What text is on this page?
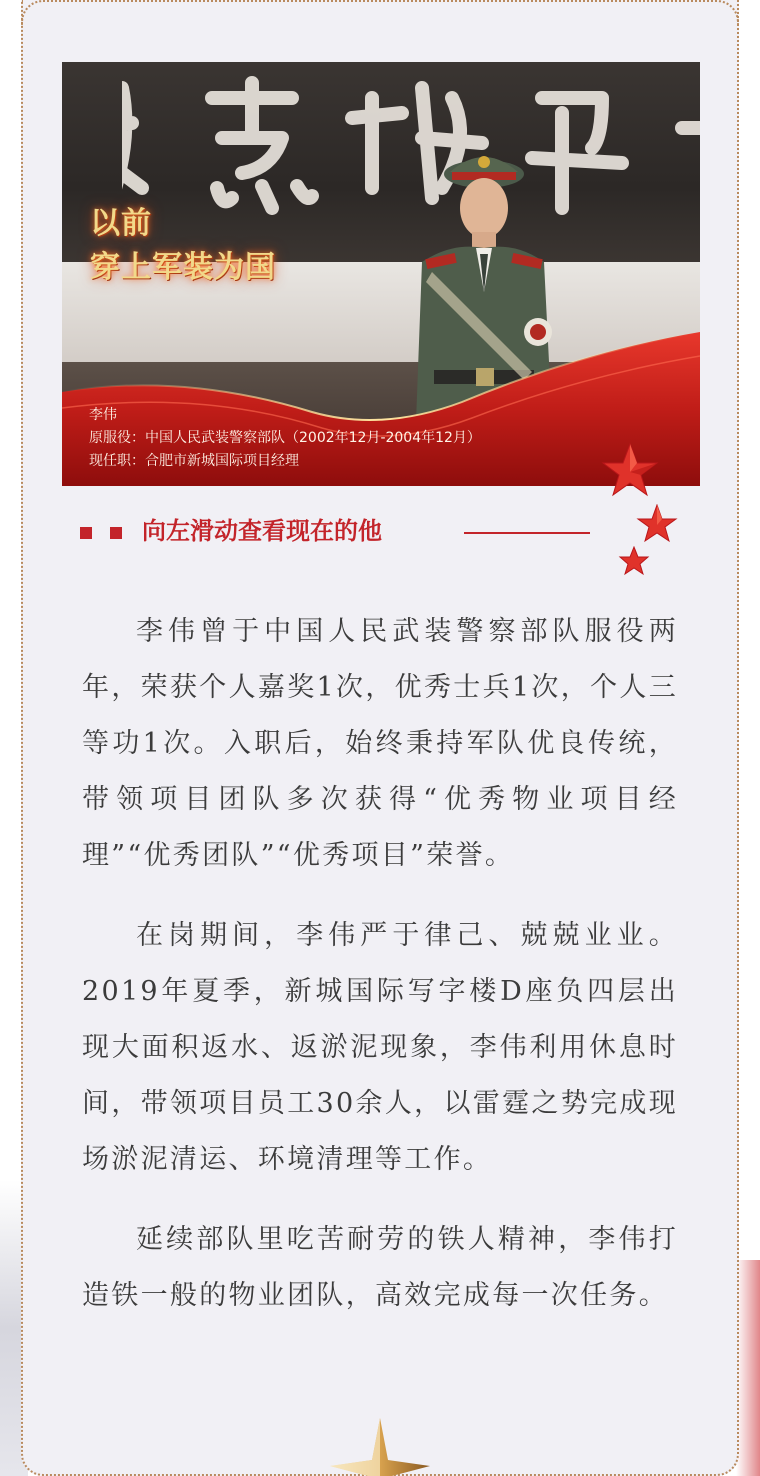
以前
穿上军装为国
李伟
原服役：中国人民武装警察部队（2002年12月-2004年12月）
现任职：合肥市新城国际项目经理
向左滑动查看现在的他

李伟曾于中国人民武装警察部队服役两年，荣获个人嘉奖1次，优秀士兵1次，个人三等功1次。入职后，始终秉持军队优良传统，带领项目团队多次获得“优秀物业项目经理”“优秀团队”“优秀项目”荣誉。

在岗期间，李伟严于律己、兢兢业业。2019年夏季，新城国际写字楼D座负四层出现大面积返水、返淤泥现象，李伟利用休息时间，带领项目员工30余人，以雷霆之势完成现场淤泥清运、环境清理等工作。

延续部队里吃苦耐劳的铁人精神，李伟打造铁一般的物业团队，高效完成每一次任务。
